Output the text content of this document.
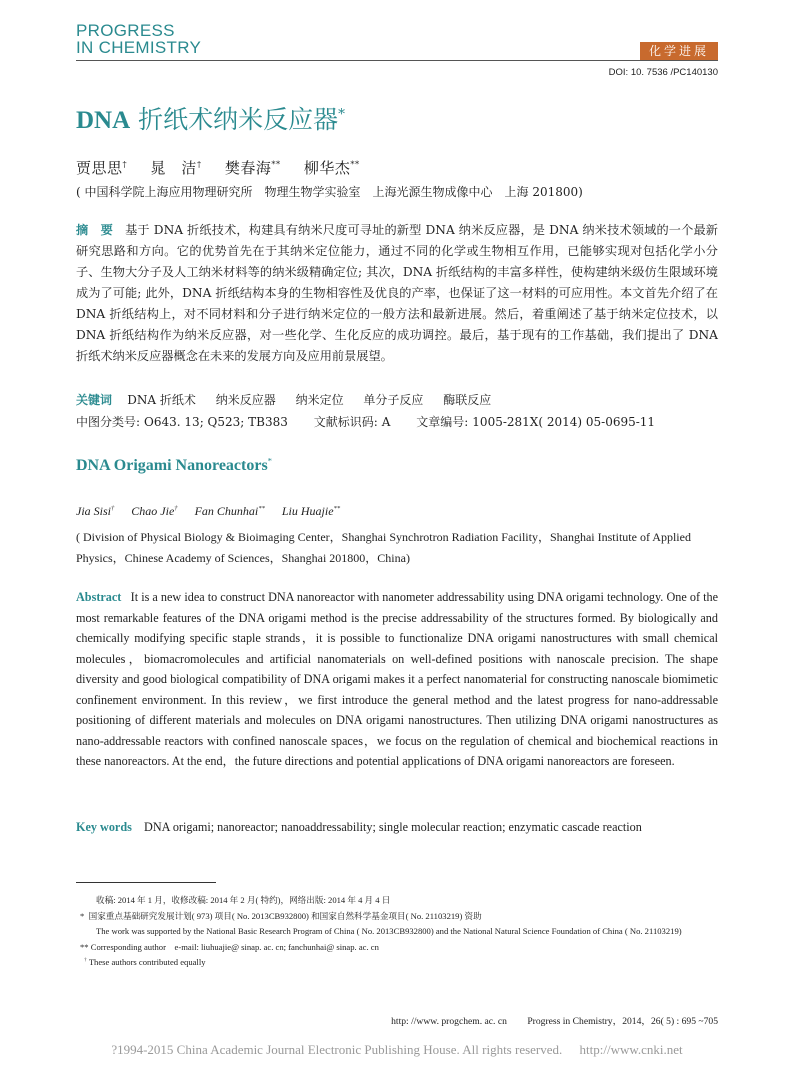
PROGRESS
IN CHEMISTRY	化学进展
DOI: 10. 7536 /PC140130
DNA 折纸术纳米反应器*
贾思思† 晁　洁† 樊春海** 柳华杰**
( 中国科学院上海应用物理研究所　物理生物学实验室　上海光源生物成像中心　上海 201800)
摘　要 基于 DNA 折纸技术，构建具有纳米尺度可寻址的新型 DNA 纳米反应器，是 DNA 纳米技术领域的一个最新研究思路和方向。它的优势首先在于其纳米定位能力，通过不同的化学或生物相互作用，已能够实现对包括化学小分子、生物大分子及人工纳米材料等的纳米级精确定位; 其次，DNA 折纸结构的丰富多样性，使构建纳米级仿生限域环境成为了可能; 此外，DNA 折纸结构本身的生物相容性及优良的产率，也保证了这一材料的可应用性。本文首先介绍了在 DNA 折纸结构上，对不同材料和分子进行纳米定位的一般方法和最新进展。然后，着重阐述了基于纳米定位技术，以 DNA 折纸结构作为纳米反应器，对一些化学、生化反应的成功调控。最后，基于现有的工作基础，我们提出了 DNA 折纸术纳米反应器概念在未来的发展方向及应用前景展望。
关键词 DNA 折纸术 纳米反应器 纳米定位 单分子反应 酶联反应
中图分类号: O643. 13; Q523; TB383 文献标识码: A 文章编号: 1005-281X( 2014) 05-0695-11
DNA Origami Nanoreactors*
Jia Sisi† Chao Jie† Fan Chunhai** Liu Huajie**
( Division of Physical Biology & Bioimaging Center，Shanghai Synchrotron Radiation Facility，Shanghai Institute of Applied Physics，Chinese Academy of Sciences，Shanghai 201800，China)
Abstract It is a new idea to construct DNA nanoreactor with nanometer addressability using DNA origami technology. One of the most remarkable features of the DNA origami method is the precise addressability of the structures formed. By biologically and chemically modifying specific staple strands，it is possible to functionalize DNA origami nanostructures with small chemical molecules，biomacromolecules and artificial nanomaterials on well-defined positions with nanoscale precision. The shape diversity and good biological compatibility of DNA origami makes it a perfect nanomaterial for constructing nanoscale biomimetic confinement environment. In this review，we first introduce the general method and the latest progress for nano-addressable positioning of different materials and molecules on DNA origami nanostructures. Then utilizing DNA origami nanostructures as nano-addressable reactors with confined nanoscale spaces，we focus on the regulation of chemical and biochemical reactions in these nanoreactors. At the end，the future directions and potential applications of DNA origami nanoreactors are foreseen.
Key words DNA origami; nanoreactor; nanoaddressability; single molecular reaction; enzymatic cascade reaction

收稿: 2014 年 1 月，收修改稿: 2014 年 2 月( 特约)，网络出版: 2014 年 4 月 4 日

* 国家重点基础研究发展计划( 973) 项目( No. 2013CB932800) 和国家自然科学基金项目( No. 21103219) 资助

The work was supported by the National Basic Research Program of China ( No. 2013CB932800) and the National Natural Science Foundation of China ( No. 21103219)

** Corresponding author　e-mail: liuhuajie@ sinap. ac. cn; fanchunhai@ sinap. ac. cn

† These authors contributed equally

http: //www. progchem. ac. cn Progress in Chemistry，2014，26( 5) : 695 ~705
?1994-2015 China Academic Journal Electronic Publishing House. All rights reserved. http://www.cnki.net
